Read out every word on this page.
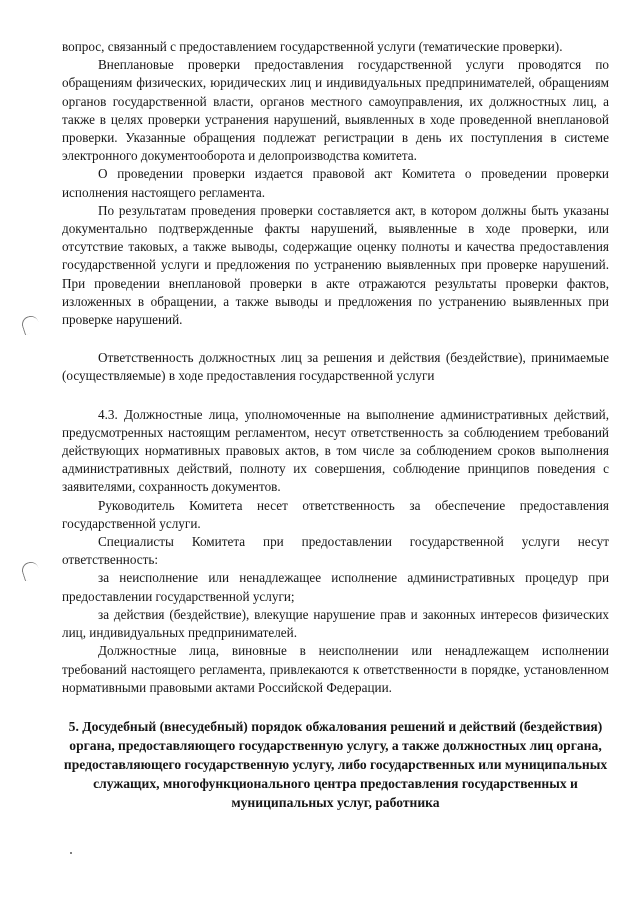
вопрос, связанный с предоставлением государственной услуги (тематические проверки).

Внеплановые проверки предоставления государственной услуги проводятся по обращениям физических, юридических лиц и индивидуальных предпринимателей, обращениям органов государственной власти, органов местного самоуправления, их должностных лиц, а также в целях проверки устранения нарушений, выявленных в ходе проведенной внеплановой проверки. Указанные обращения подлежат регистрации в день их поступления в системе электронного документооборота и делопроизводства комитета.

О проведении проверки издается правовой акт Комитета о проведении проверки исполнения настоящего регламента.

По результатам проведения проверки составляется акт, в котором должны быть указаны документально подтвержденные факты нарушений, выявленные в ходе проверки, или отсутствие таковых, а также выводы, содержащие оценку полноты и качества предоставления государственной услуги и предложения по устранению выявленных при проверке нарушений. При проведении внеплановой проверки в акте отражаются результаты проверки фактов, изложенных в обращении, а также выводы и предложения по устранению выявленных при проверке нарушений.

Ответственность должностных лиц за решения и действия (бездействие), принимаемые (осуществляемые) в ходе предоставления государственной услуги

4.3. Должностные лица, уполномоченные на выполнение административных действий, предусмотренных настоящим регламентом, несут ответственность за соблюдением требований действующих нормативных правовых актов, в том числе за соблюдением сроков выполнения административных действий, полноту их совершения, соблюдение принципов поведения с заявителями, сохранность документов.

Руководитель Комитета несет ответственность за обеспечение предоставления государственной услуги.

Специалисты Комитета при предоставлении государственной услуги несут ответственность:

за неисполнение или ненадлежащее исполнение административных процедур при предоставлении государственной услуги;

за действия (бездействие), влекущие нарушение прав и законных интересов физических лиц, индивидуальных предпринимателей.

Должностные лица, виновные в неисполнении или ненадлежащем исполнении требований настоящего регламента, привлекаются к ответственности в порядке, установленном нормативными правовыми актами Российской Федерации.

5. Досудебный (внесудебный) порядок обжалования решений и действий (бездействия) органа, предоставляющего государственную услугу, а также должностных лиц органа, предоставляющего государственную услугу, либо государственных или муниципальных служащих, многофункционального центра предоставления государственных и муниципальных услуг, работника
